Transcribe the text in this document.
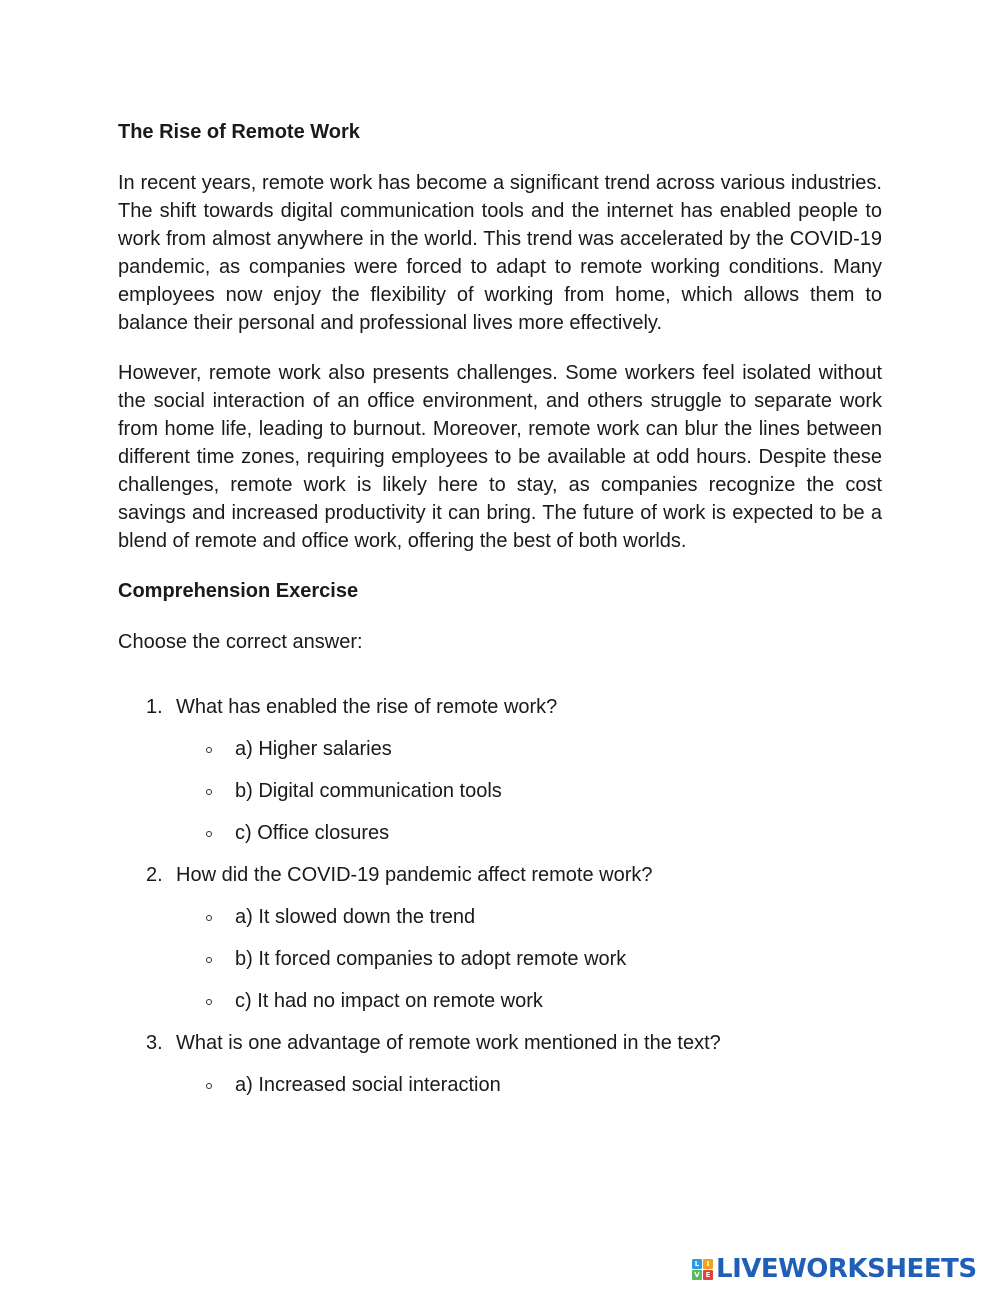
The Rise of Remote Work

In recent years, remote work has become a significant trend across various industries. The shift towards digital communication tools and the internet has enabled people to work from almost anywhere in the world. This trend was accelerated by the COVID-19 pandemic, as companies were forced to adapt to remote working conditions. Many employees now enjoy the flexibility of working from home, which allows them to balance their personal and professional lives more effectively.

However, remote work also presents challenges. Some workers feel isolated without the social interaction of an office environment, and others struggle to separate work from home life, leading to burnout. Moreover, remote work can blur the lines between different time zones, requiring employees to be available at odd hours. Despite these challenges, remote work is likely here to stay, as companies recognize the cost savings and increased productivity it can bring. The future of work is expected to be a blend of remote and office work, offering the best of both worlds.

Comprehension Exercise
Choose the correct answer:
1. What has enabled the rise of remote work?
a) Higher salaries
b) Digital communication tools
c) Office closures
2. How did the COVID-19 pandemic affect remote work?
a) It slowed down the trend
b) It forced companies to adopt remote work
c) It had no impact on remote work
3. What is one advantage of remote work mentioned in the text?
a) Increased social interaction
L	I
V E LIVEWORKSHEETS
